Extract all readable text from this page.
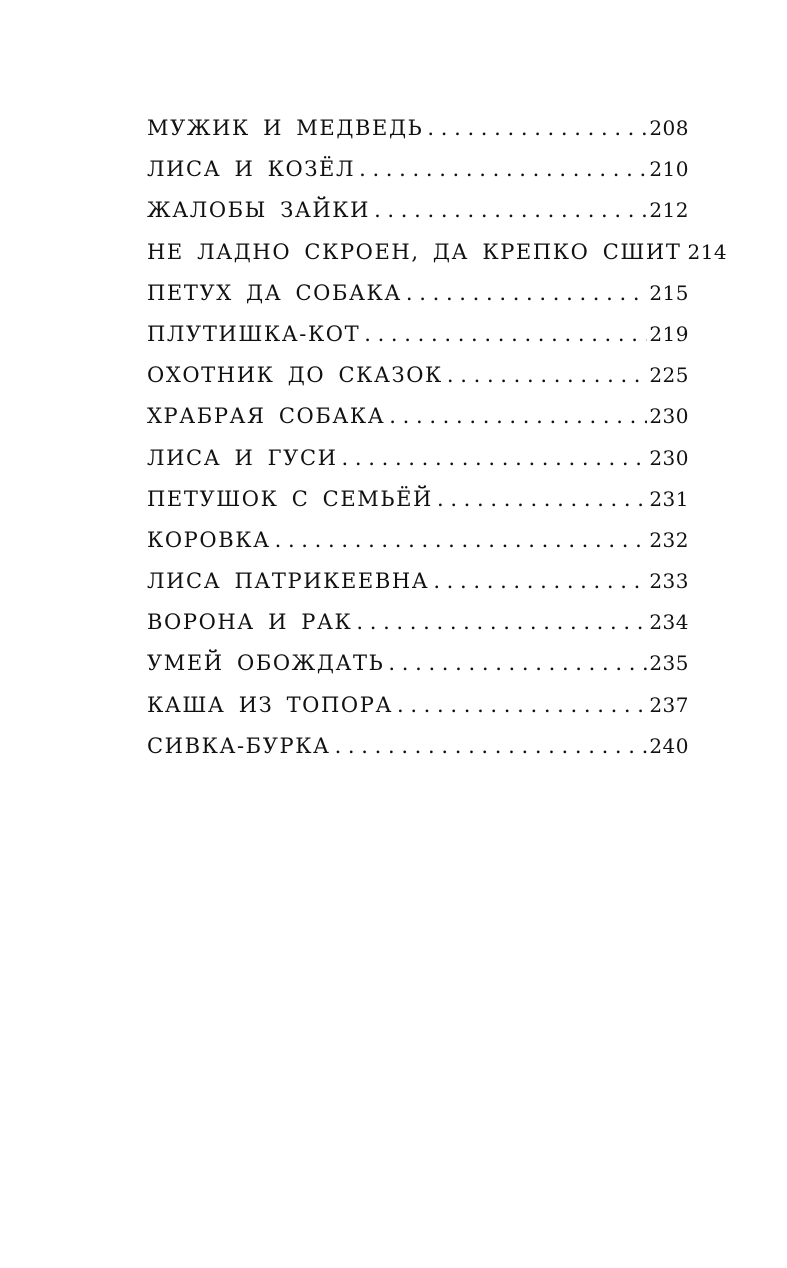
МУЖИК И МЕДВЕДЬ . . .	208
ЛИСА И КОЗЁЛ . . .	210
ЖАЛОБЫ ЗАЙКИ . . .	212
НЕ ЛАДНО СКРОЕН, ДА КРЕПКО СШИТ 214
ПЕТУХ ДА СОБАКА . . .	215
ПЛУТИШКА-КОТ . . .	219
ОХОТНИК ДО СКАЗОК . . .	225
ХРАБРАЯ СОБАКА . . .	230
ЛИСА И ГУСИ . . .	230
ПЕТУШОК С СЕМЬЁЙ . . .	231
КОРОВКА . . .	232
ЛИСА ПАТРИКЕЕВНА . . .	233
ВОРОНА И РАК . . .	234
УМЕЙ ОБОЖДАТЬ . . .	235
КАША ИЗ ТОПОРА . . .	237
СИВКА-БУРКА . . .	240
